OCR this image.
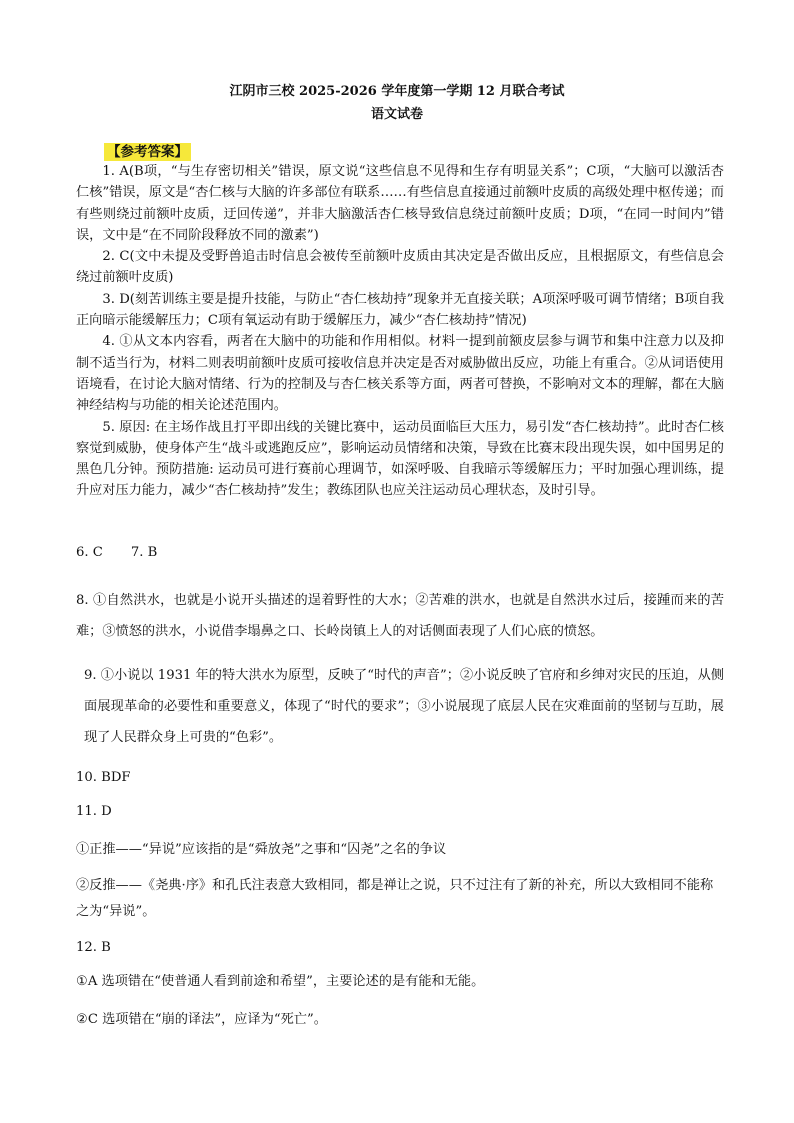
江阴市三校 2025-2026 学年度第一学期 12 月联合考试
语文试卷
【参考答案】

1. A(B项，“与生存密切相关”错误，原文说“这些信息不见得和生存有明显关系”；C项，“大脑可以激活杏仁核”错误，原文是“杏仁核与大脑的许多部位有联系……有些信息直接通过前额叶皮质的高级处理中枢传递；而有些则绕过前额叶皮质，迂回传递”，并非大脑激活杏仁核导致信息绕过前额叶皮质；D项，“在同一时间内”错误，文中是“在不同阶段释放不同的激素”)

2. C(文中未提及受野兽追击时信息会被传至前额叶皮质由其决定是否做出反应，且根据原文，有些信息会绕过前额叶皮质)

3. D(刻苦训练主要是提升技能，与防止“杏仁核劫持”现象并无直接关联；A项深呼吸可调节情绪；B项自我正向暗示能缓解压力；C项有氧运动有助于缓解压力，减少“杏仁核劫持”情况)

4. ①从文本内容看，两者在大脑中的功能和作用相似。材料一提到前额皮层参与调节和集中注意力以及抑制不适当行为，材料二则表明前额叶皮质可接收信息并决定是否对威胁做出反应，功能上有重合。②从词语使用语境看，在讨论大脑对情绪、行为的控制及与杏仁核关系等方面，两者可替换，不影响对文本的理解，都在大脑神经结构与功能的相关论述范围内。

5. 原因: 在主场作战且打平即出线的关键比赛中，运动员面临巨大压力，易引发“杏仁核劫持”。此时杏仁核察觉到威胁，使身体产生“战斗或逃跑反应”，影响运动员情绪和决策，导致在比赛末段出现失误，如中国男足的黑色几分钟。预防措施: 运动员可进行赛前心理调节，如深呼吸、自我暗示等缓解压力；平时加强心理训练，提升应对压力能力，减少“杏仁核劫持”发生；教练团队也应关注运动员心理状态，及时引导。

6. C 7. B

8. ①自然洪水，也就是小说开头描述的逞着野性的大水；②苦难的洪水，也就是自然洪水过后，接踵而来的苦难；③愤怒的洪水，小说借李塌鼻之口、长岭岗镇上人的对话侧面表现了人们心底的愤怒。

9. ①小说以 1931 年的特大洪水为原型，反映了“时代的声音”；②小说反映了官府和乡绅对灾民的压迫，从侧面展现革命的必要性和重要意义，体现了“时代的要求”；③小说展现了底层人民在灾难面前的坚韧与互助，展现了人民群众身上可贵的“色彩”。

10. BDF

11. D

①正推——“异说”应该指的是“舜放尧”之事和“囚尧”之名的争议

②反推——《尧典·序》和孔氏注表意大致相同，都是禅让之说，只不过注有了新的补充，所以大致相同不能称之为“异说”。

12. B

①A 选项错在“使普通人看到前途和希望”，主要论述的是有能和无能。

②C 选项错在“崩的译法”，应译为“死亡”。
